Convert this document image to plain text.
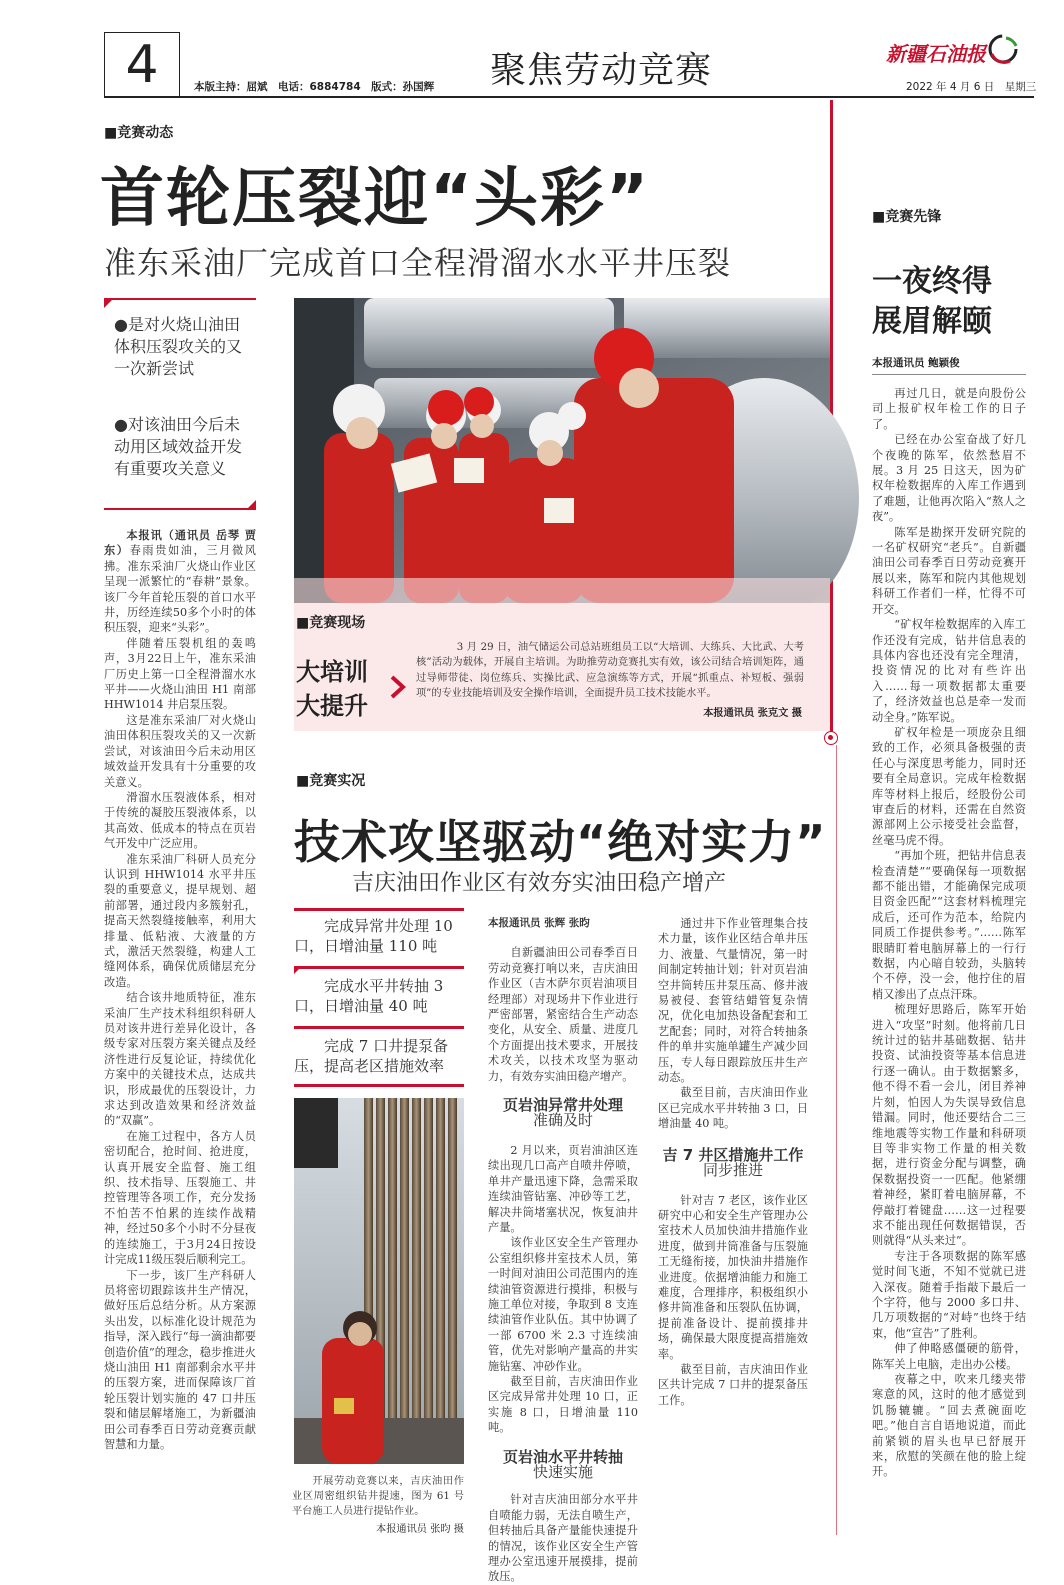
4	本版主持：屈斌　电话：6884784　版式：孙国辉 聚焦劳动竞赛	新疆石油报
2022 年 4 月 6 日　星期三
■竞赛动态
首轮压裂迎“头彩”
准东采油厂完成首口全程滑溜水水平井压裂
●是对火烧山油田体积压裂攻关的又一次新尝试
●对该油田今后未动用区域效益开发有重要攻关意义

本报讯（通讯员 岳琴 贾东）春雨贵如油，三月微风拂。准东采油厂火烧山作业区呈现一派繁忙的“春耕”景象。该厂今年首轮压裂的首口水平井，历经连续50多个小时的体积压裂，迎来“头彩”。

伴随着压裂机组的轰鸣声，3月22日上午，准东采油厂历史上第一口全程滑溜水水平井——火烧山油田 H1 南部 HHW1014 井启泵压裂。

这是准东采油厂对火烧山油田体积压裂攻关的又一次新尝试，对该油田今后未动用区域效益开发具有十分重要的攻关意义。

滑溜水压裂液体系，相对于传统的凝胶压裂液体系，以其高效、低成本的特点在页岩气开发中广泛应用。

准东采油厂科研人员充分认识到 HHW1014 水平井压裂的重要意义，提早规划、超前部署，通过段内多簇射孔，提高天然裂缝接触率，利用大排量、低粘液、大液量的方式，激活天然裂缝，构建人工缝网体系，确保优质储层充分改造。

结合该井地质特征，准东采油厂生产技术科组织科研人员对该井进行差异化设计，各级专家对压裂方案关键点及经济性进行反复论证，持续优化方案中的关键技术点，达成共识，形成最优的压裂设计，力求达到改造效果和经济效益的“双赢”。

在施工过程中，各方人员密切配合，抢时间、抢进度，认真开展安全监督、施工组织、技术指导、压裂施工、井控管理等各项工作，充分发扬不怕苦不怕累的连续作战精神，经过50多个小时不分昼夜的连续施工，于3月24日按设计完成11级压裂后顺利完工。

下一步，该厂生产科研人员将密切跟踪该井生产情况，做好压后总结分析。从方案源头出发，以标准化设计规范为指导，深入践行“每一滴油都要创造价值”的理念，稳步推进火烧山油田 H1 南部剩余水平井的压裂方案，进而保障该厂首轮压裂计划实施的 47 口井压裂和储层解堵施工，为新疆油田公司春季百日劳动竞赛贡献智慧和力量。

■竞赛现场
大培训
大提升
3 月 29 日，油气储运公司总站班组员工以“大培训、大练兵、大比武、大考核”活动为载体，开展自主培训。为助推劳动竞赛扎实有效，该公司结合培训矩阵，通过导师带徒、岗位练兵、实操比武、应急演练等方式，开展“抓重点、补短板、强弱项”的专业技能培训及安全操作培训，全面提升员工技术技能水平。
本报通讯员 张克文 摄
■竞赛实况
技术攻坚驱动“绝对实力”
吉庆油田作业区有效夯实油田稳产增产
完成异常井处理 10 口，日增油量 110 吨
完成水平井转抽 3 口，日增油量 40 吨
完成 7 口井提泵备压，提高老区措施效率
开展劳动竞赛以来，吉庆油田作业区周密组织钻井提速，图为 61 号平台施工人员进行提钻作业。
本报通讯员 张昀 摄
本报通讯员 张辉 张昀

自新疆油田公司春季百日劳动竞赛打响以来，吉庆油田作业区（吉木萨尔页岩油项目经理部）对现场井下作业进行严密部署，紧密结合生产动态变化，从安全、质量、进度几个方面提出技术要求，开展技术攻关，以技术攻坚为驱动力，有效夯实油田稳产增产。

页岩油异常井处理
准确及时

2 月以来，页岩油油区连续出现几口高产自喷井停喷，单井产量迅速下降，急需采取连续油管钻塞、冲砂等工艺，解决井筒堵塞状况，恢复油井产量。

该作业区安全生产管理办公室组织修井室技术人员，第一时间对油田公司范围内的连续油管资源进行摸排，积极与施工单位对接，争取到 8 支连续油管作业队伍。其中协调了一部 6700 米 2.3 寸连续油管，优先对影响产量高的井实施钻塞、冲砂作业。

截至目前，吉庆油田作业区完成异常井处理 10 口，正实施 8 口，日增油量 110 吨。

页岩油水平井转抽
快速实施

针对吉庆油田部分水平井自喷能力弱，无法自喷生产，但转抽后具备产量能快速提升的情况，该作业区安全生产管理办公室迅速开展摸排，提前放压。

通过井下作业管理集合技术力量，该作业区结合单井压力、液量、气量情况，第一时间制定转抽计划；针对页岩油空井筒转压井泵压高、修井液易被侵、套管结蜡管复杂情况，优化电加热设备配套和工艺配套；同时，对符合转抽条件的单井实施单罐生产减少回压，专人每日跟踪放压井生产动态。

截至目前，吉庆油田作业区已完成水平井转抽 3 口，日增油量 40 吨。

吉 7 井区措施井工作
同步推进

针对吉 7 老区，该作业区研究中心和安全生产管理办公室技术人员加快油井措施作业进度，做到井筒准备与压裂施工无缝衔接，加快油井措施作业进度。依据增油能力和施工难度，合理排序，积极组织小修井筒准备和压裂队伍协调，提前准备设计、提前摸排井场，确保最大限度提高措施效率。

截至目前，吉庆油田作业区共计完成 7 口井的提泵备压工作。

■竞赛先锋
一夜终得
展眉解颐
本报通讯员 鲍颖俊

再过几日，就是向股份公司上报矿权年检工作的日子了。

已经在办公室奋战了好几个夜晚的陈军，依然愁眉不展。3 月 25 日这天，因为矿权年检数据库的入库工作遇到了难题，让他再次陷入“熬人之夜”。

陈军是勘探开发研究院的一名矿权研究“老兵”。自新疆油田公司春季百日劳动竞赛开展以来，陈军和院内其他规划科研工作者们一样，忙得不可开交。

“矿权年检数据库的入库工作还没有完成，钻井信息表的具体内容也还没有完全理清，投资情况的比对有些许出入……每一项数据都太重要了，经济效益也总是牵一发而动全身。”陈军说。

矿权年检是一项庞杂且细致的工作，必须具备极强的责任心与深度思考能力，同时还要有全局意识。完成年检数据库等材料上报后，经股份公司审查后的材料，还需在自然资源部网上公示接受社会监督，丝毫马虎不得。

“再加个班，把钻井信息表检查清楚”“要确保每一项数据都不能出错，才能确保完成项目资金匹配”“这套材料梳理完成后，还可作为范本，给院内同质工作提供参考。”……陈军眼睛盯着电脑屏幕上的一行行数据，内心暗自较劲，头脑转个不停，没一会，他拧住的眉梢又渗出了点点汗珠。

梳理好思路后，陈军开始进入“攻坚”时刻。他将前几日统计过的钻井基础数据、钻井投资、试油投资等基本信息进行逐一确认。由于数据繁多，他不得不看一会儿，闭目养神片刻，怕因人为失误导致信息错漏。同时，他还要结合二三维地震等实物工作量和科研项目等非实物工作量的相关数据，进行资金分配与调整，确保数据投资一一匹配。他紧绷着神经，紧盯着电脑屏幕，不停敲打着键盘……这一过程要求不能出现任何数据错误，否则就得“从头来过”。

专注于各项数据的陈军感觉时间飞逝，不知不觉就已进入深夜。随着手指敲下最后一个字符，他与 2000 多口井、几万项数据的“对峙”也终于结束，他“宣告”了胜利。

伸了伸略感僵硬的筋骨，陈军关上电脑，走出办公楼。

夜幕之中，吹来几缕夹带寒意的风，这时的他才感觉到饥肠辘辘。“回去煮碗面吃吧。”他自言自语地说道，而此前紧锁的眉头也早已舒展开来，欣慰的笑颜在他的脸上绽开。
